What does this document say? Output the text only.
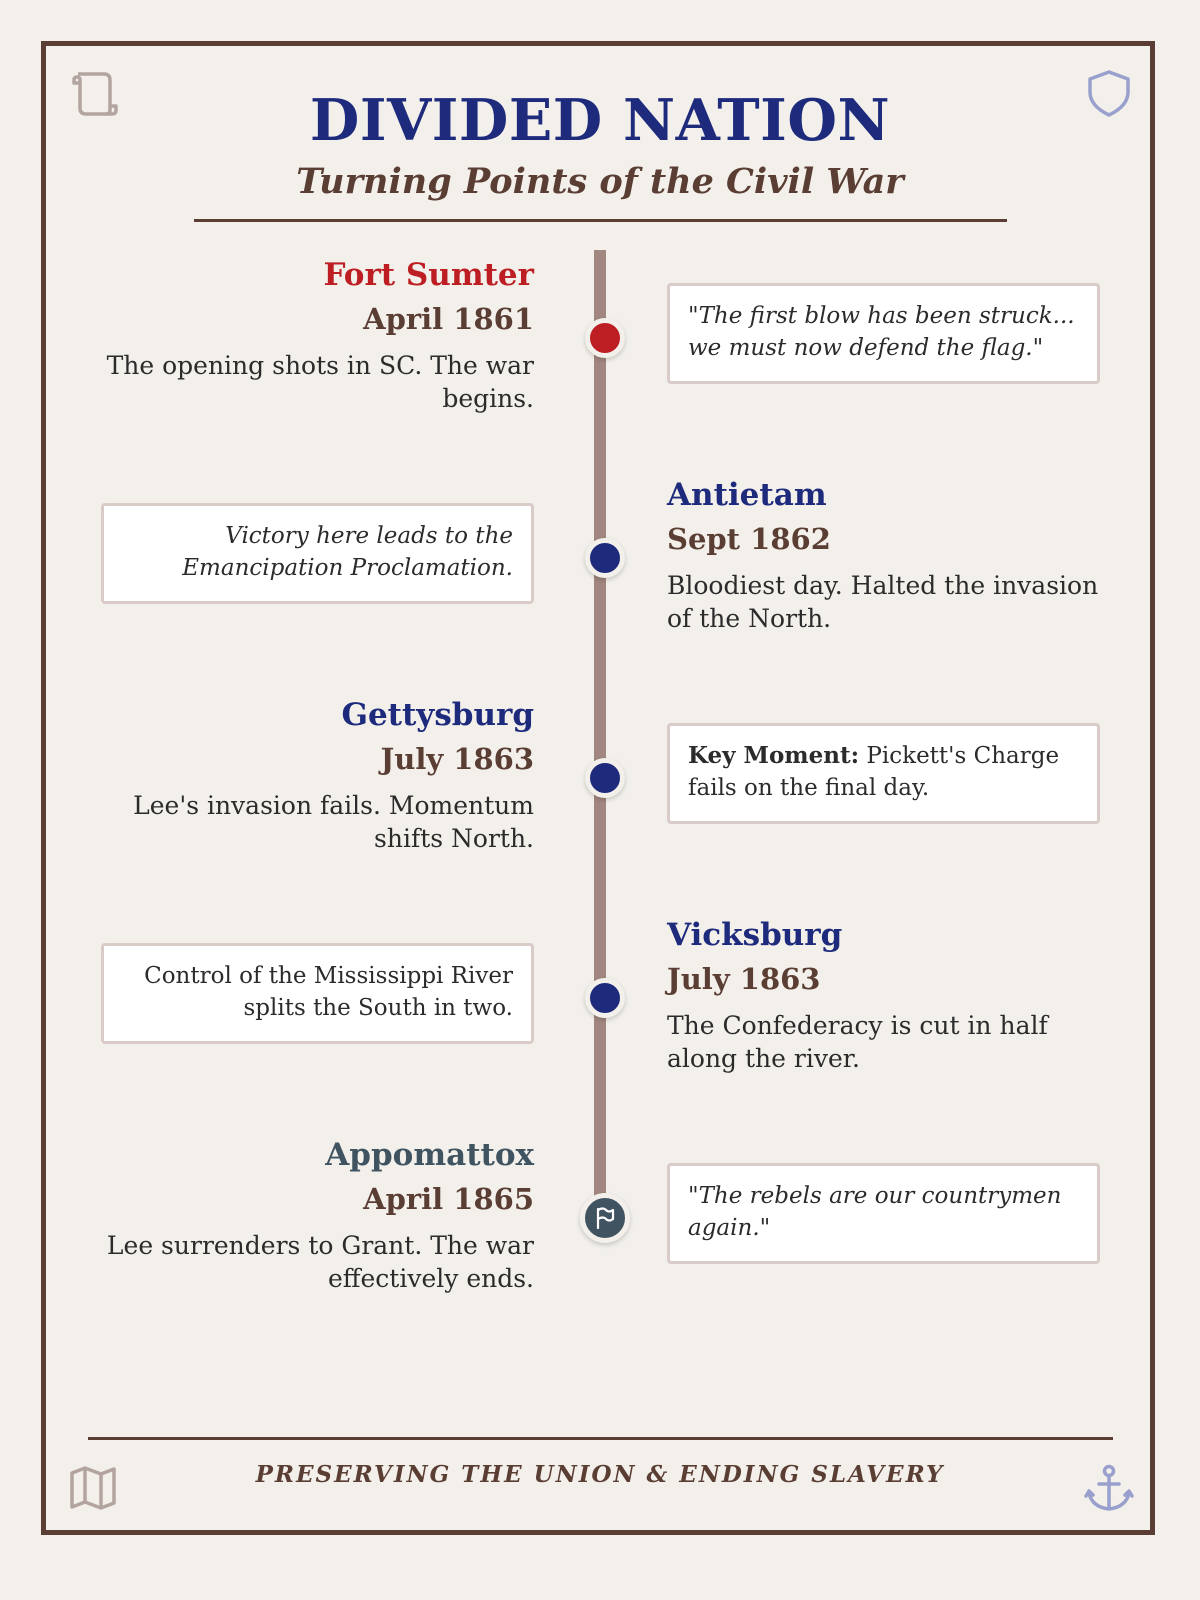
DIVIDED NATION
Turning Points of the Civil War
Fort Sumter
April 1861
The opening shots in SC. The war begins.
"The first blow has been struck... we must now defend the flag."
Antietam
Sept 1862
Bloodiest day. Halted the invasion of the North.
Victory here leads to the Emancipation Proclamation.
Gettysburg
July 1863
Lee's invasion fails. Momentum shifts North.
Key Moment: Pickett's Charge fails on the final day.
Vicksburg
July 1863
The Confederacy is cut in half along the river.
Control of the Mississippi River splits the South in two.
Appomattox
April 1865
Lee surrenders to Grant. The war effectively ends.
"The rebels are our countrymen again."
PRESERVING THE UNION & ENDING SLAVERY
